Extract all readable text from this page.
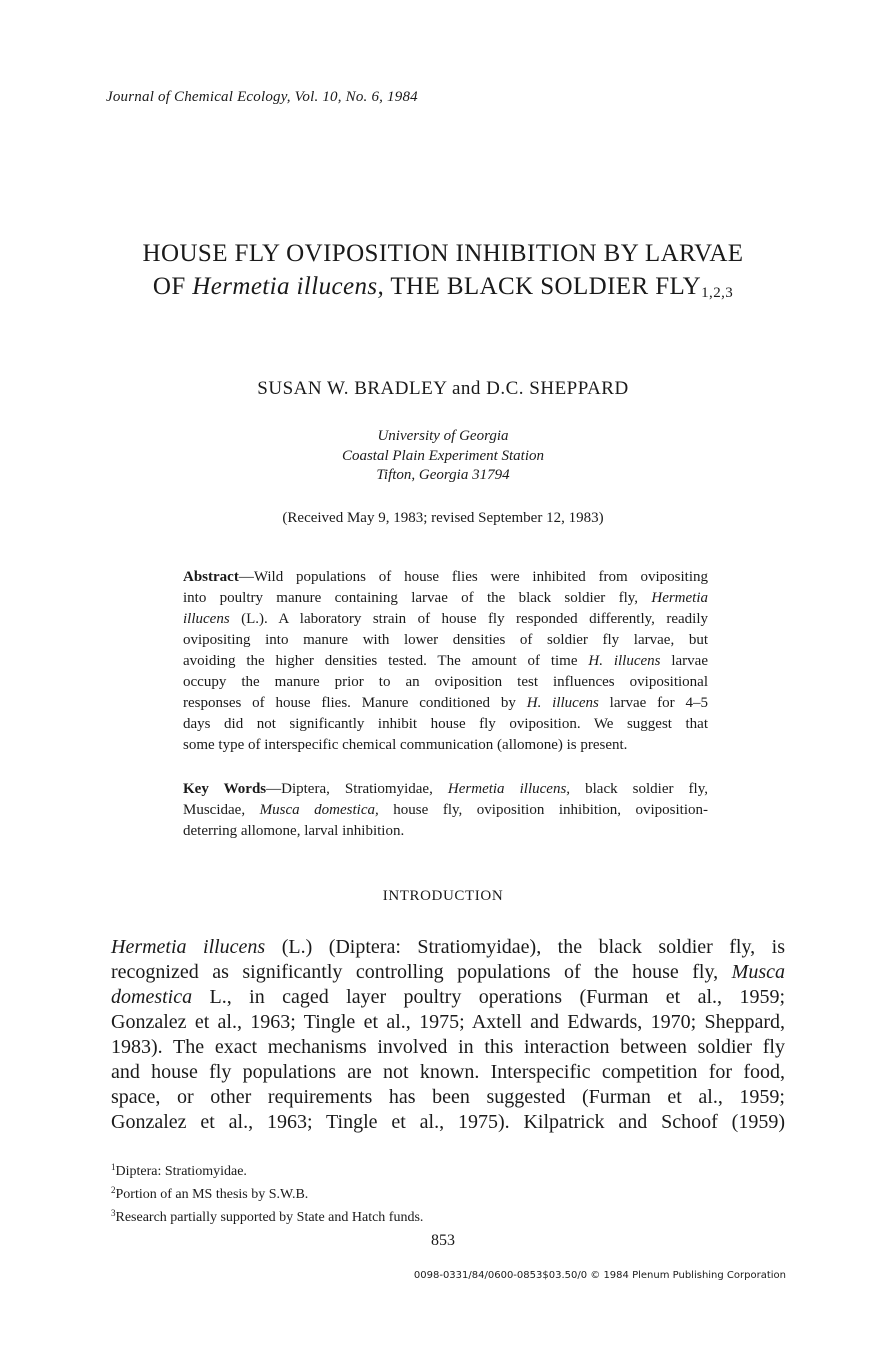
Journal of Chemical Ecology, Vol. 10, No. 6, 1984
HOUSE FLY OVIPOSITION INHIBITION BY LARVAE
OF Hermetia illucens, THE BLACK SOLDIER $FLY_{1,2,3}$
SUSAN W. BRADLEY and D.C. SHEPPARD
University of Georgia
Coastal Plain Experiment Station
Tifton, Georgia 31794
(Received May 9, 1983; revised September 12, 1983)
Abstract—Wild populations of house flies were inhibited from ovipositing
into poultry manure containing larvae of the black soldier fly, Hermetia
illucens (L.). A laboratory strain of house fly responded differently, readily
ovipositing into manure with lower densities of soldier fly larvae, but
avoiding the higher densities tested. The amount of time H. illucens larvae
occupy the manure prior to an oviposition test influences ovipositional
responses of house flies. Manure conditioned by H. illucens larvae for 4–5
days did not significantly inhibit house fly oviposition. We suggest that
some type of interspecific chemical communication (allomone) is present.
Key Words—Diptera, Stratiomyidae, Hermetia illucens, black soldier fly,
Muscidae, Musca domestica, house fly, oviposition inhibition, oviposition-
deterring allomone, larval inhibition.
INTRODUCTION
Hermetia illucens (L.) (Diptera: Stratiomyidae), the black soldier fly, is
recognized as significantly controlling populations of the house fly, Musca
domestica L., in caged layer poultry operations (Furman et al., 1959;
Gonzalez et al., 1963; Tingle et al., 1975; Axtell and Edwards, 1970; Sheppard,
1983). The exact mechanisms involved in this interaction between soldier fly
and house fly populations are not known. Interspecific competition for food,
space, or other requirements has been suggested (Furman et al., 1959;
Gonzalez et al., 1963; Tingle et al., 1975). Kilpatrick and Schoof (1959)
$^1$Diptera: Stratiomyidae.
$^2$Portion of an MS thesis by S.W.B.
$^3$Research partially supported by State and Hatch funds.
853
0098-0331/84/0600-0853$03.50/0 © 1984 Plenum Publishing Corporation
